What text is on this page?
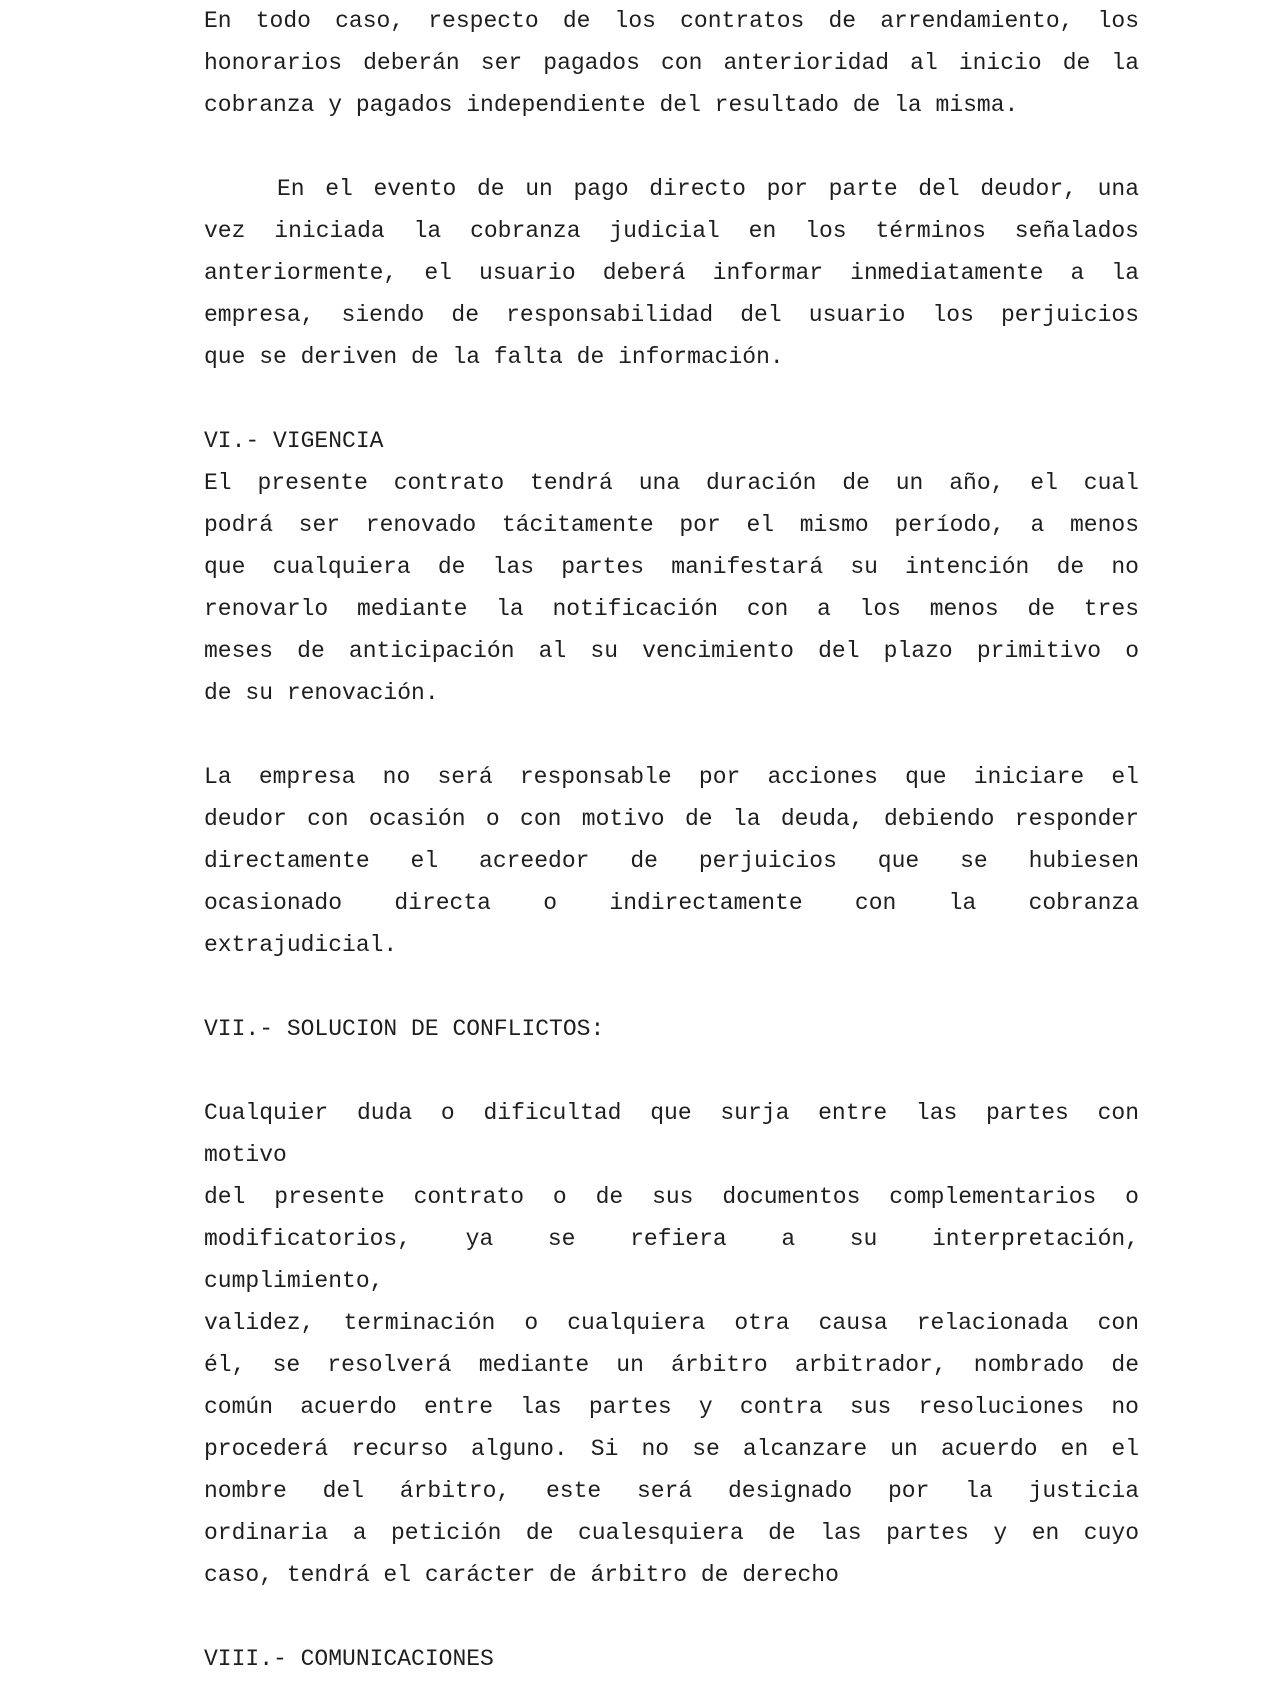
En todo caso, respecto de los contratos de arrendamiento, los
honorarios deberán ser pagados con anterioridad al inicio de la
cobranza y pagados independiente del resultado de la misma.
En el evento de un pago directo por parte del deudor, una
vez iniciada la cobranza judicial en los términos señalados
anteriormente, el usuario deberá informar inmediatamente a la
empresa, siendo de responsabilidad del usuario los perjuicios
que se deriven de la falta de información.
VI.- VIGENCIA
El presente contrato tendrá una duración de un año, el cual
podrá ser renovado tácitamente por el mismo período, a menos
que cualquiera de las partes manifestará su intención de no
renovarlo mediante la notificación con a los menos de tres
meses de anticipación al su vencimiento del plazo primitivo o
de su renovación.
La empresa no será responsable por acciones que iniciare el
deudor con ocasión o con motivo de la deuda, debiendo responder
directamente el acreedor de perjuicios que se hubiesen
ocasionado directa o indirectamente con la cobranza
extrajudicial.
VII.- SOLUCION DE CONFLICTOS:
Cualquier duda o dificultad que surja entre las partes con
motivo
del presente contrato o de sus documentos complementarios o
modificatorios, ya se refiera a su interpretación,
cumplimiento,
validez, terminación o cualquiera otra causa relacionada con
él, se resolverá mediante un árbitro arbitrador, nombrado de
común acuerdo entre las partes y contra sus resoluciones no
procederá recurso alguno. Si no se alcanzare un acuerdo en el
nombre del árbitro, este será designado por la justicia
ordinaria a petición de cualesquiera de las partes y en cuyo
caso, tendrá el carácter de árbitro de derecho
VIII.- COMUNICACIONES
